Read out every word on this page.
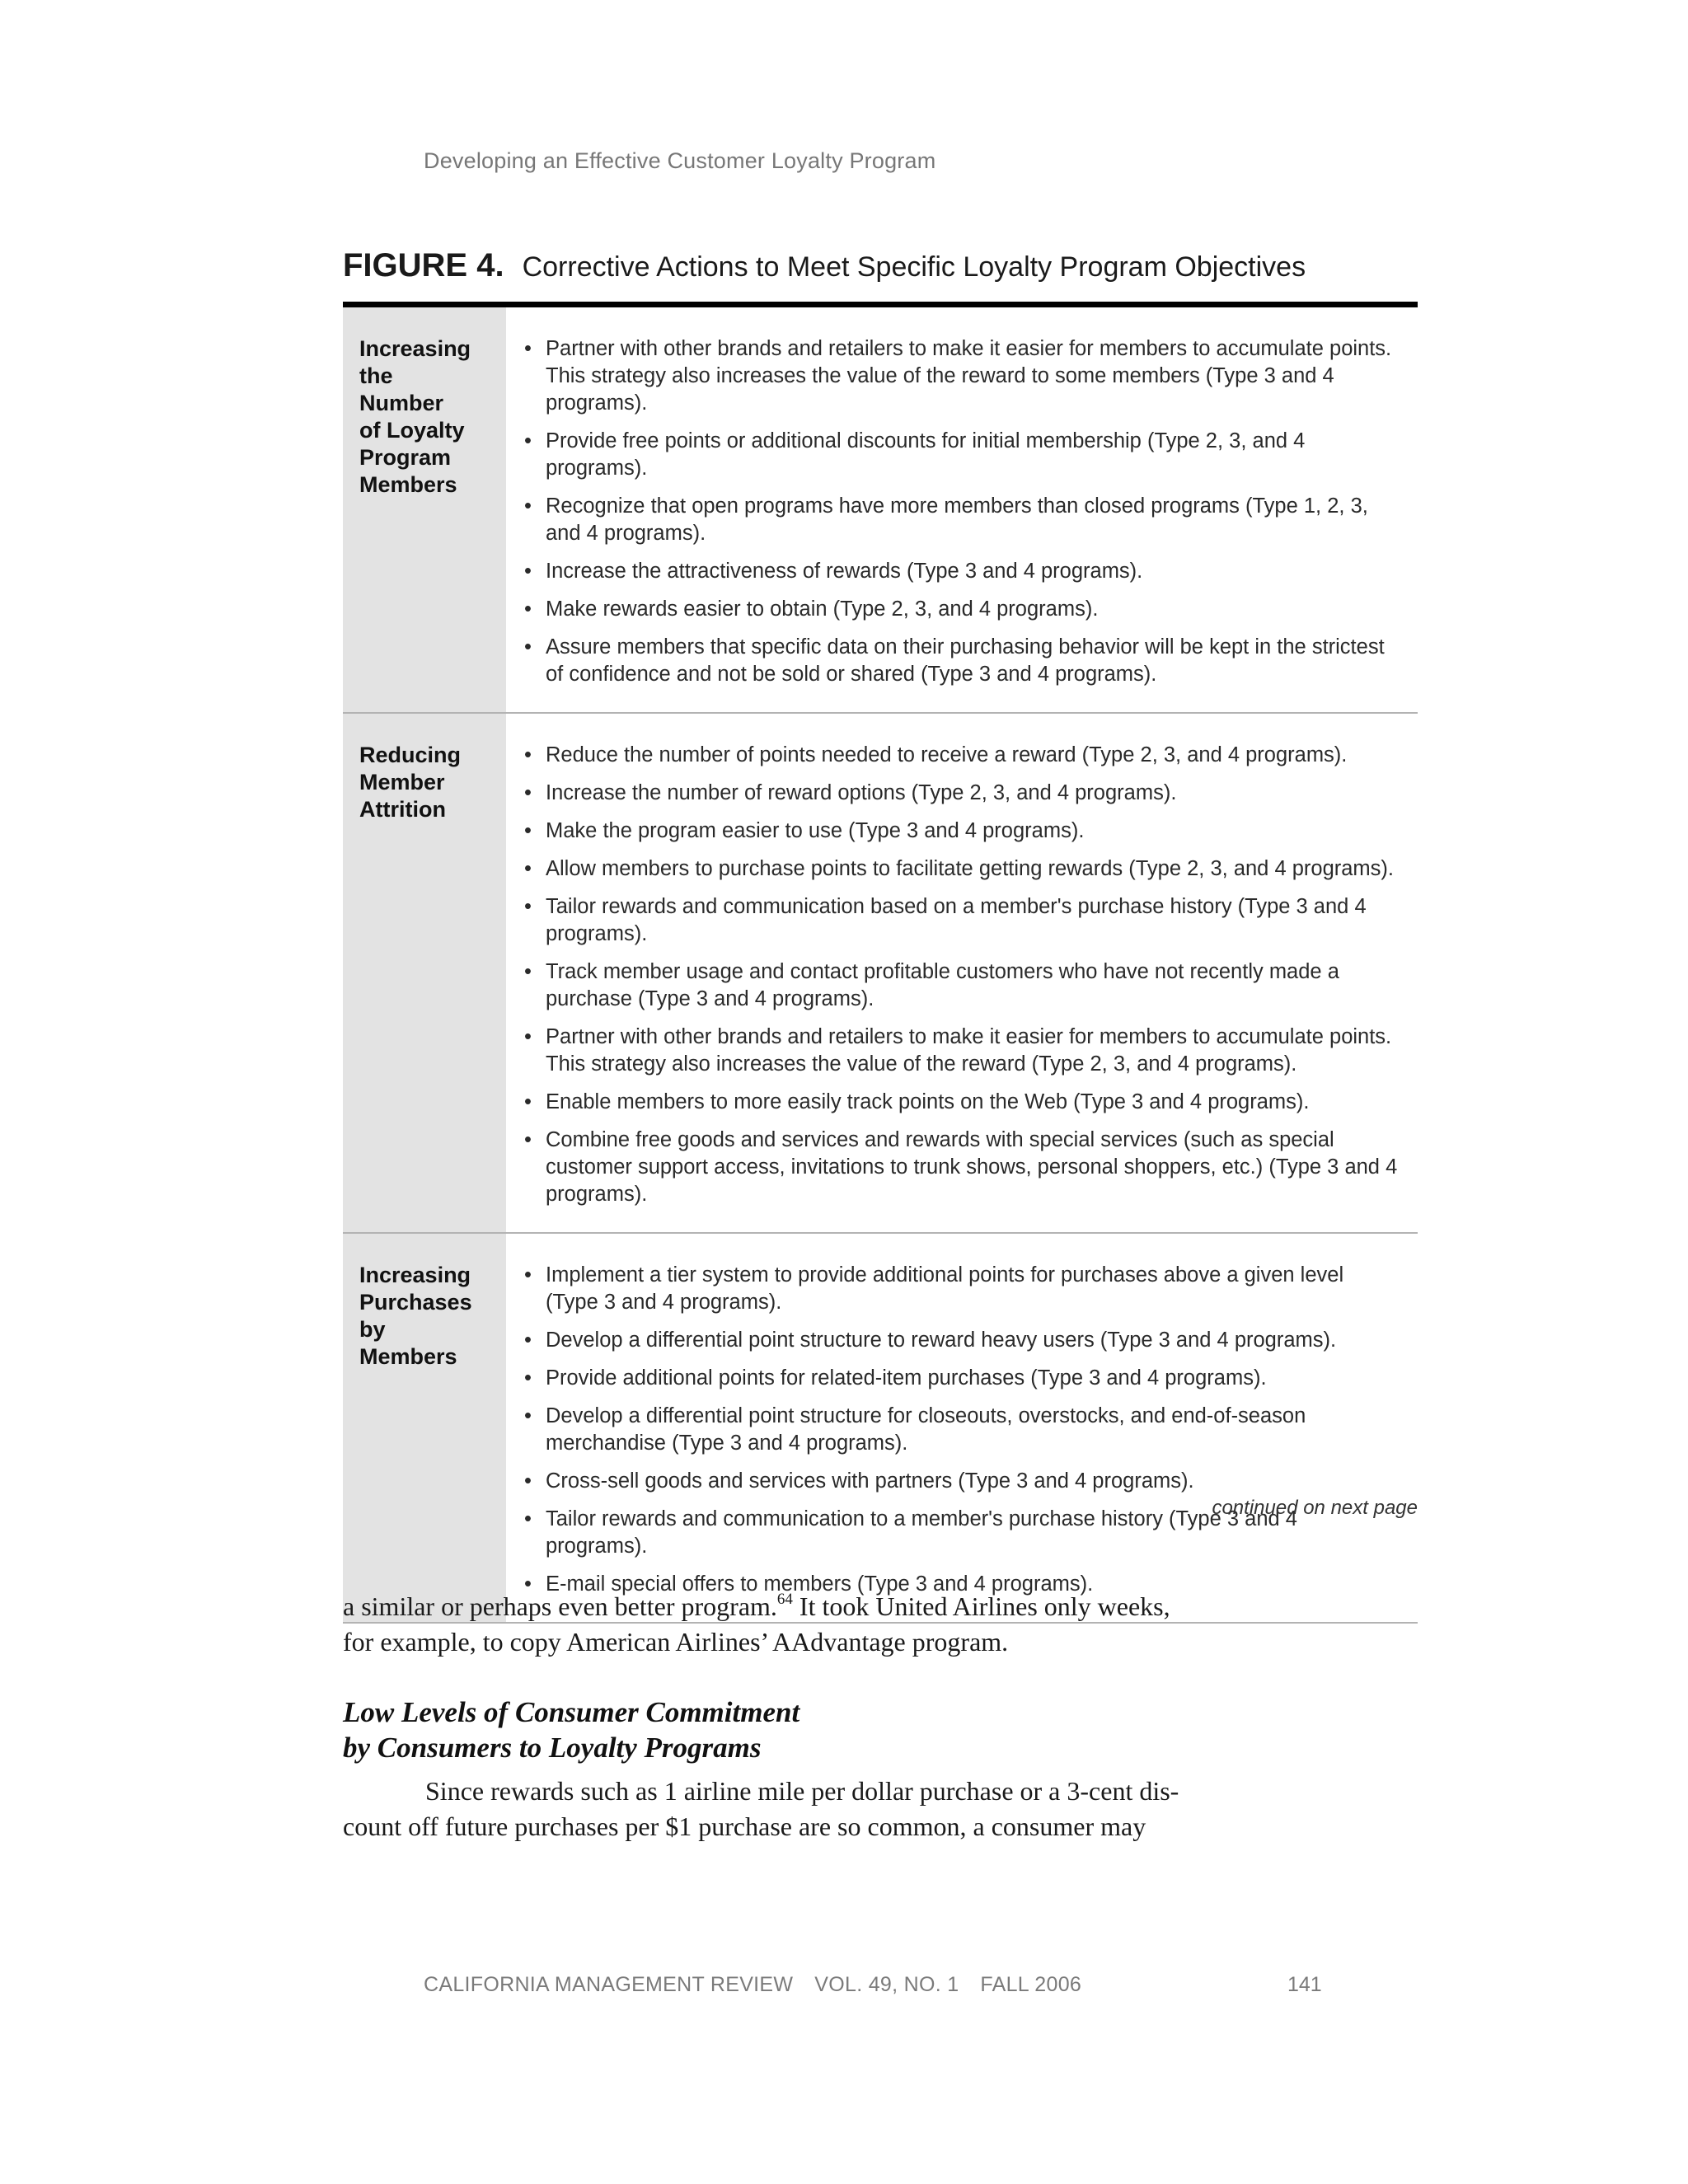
Developing an Effective Customer Loyalty Program
FIGURE 4. Corrective Actions to Meet Specific Loyalty Program Objectives
Increasing
the
Number
of Loyalty
Program
Members
• Partner with other brands and retailers to make it easier for members to accumulate points. This strategy also increases the value of the reward to some members (Type 3 and 4 programs).
• Provide free points or additional discounts for initial membership (Type 2, 3, and 4 programs).
• Recognize that open programs have more members than closed programs (Type 1, 2, 3, and 4 programs).
• Increase the attractiveness of rewards (Type 3 and 4 programs).
• Make rewards easier to obtain (Type 2, 3, and 4 programs).
• Assure members that specific data on their purchasing behavior will be kept in the strictest of confidence and not be sold or shared (Type 3 and 4 programs).
Reducing
Member
Attrition
• Reduce the number of points needed to receive a reward (Type 2, 3, and 4 programs).
• Increase the number of reward options (Type 2, 3, and 4 programs).
• Make the program easier to use (Type 3 and 4 programs).
• Allow members to purchase points to facilitate getting rewards (Type 2, 3, and 4 programs).
• Tailor rewards and communication based on a member's purchase history (Type 3 and 4 programs).
• Track member usage and contact profitable customers who have not recently made a purchase (Type 3 and 4 programs).
• Partner with other brands and retailers to make it easier for members to accumulate points. This strategy also increases the value of the reward (Type 2, 3, and 4 programs).
• Enable members to more easily track points on the Web (Type 3 and 4 programs).
• Combine free goods and services and rewards with special services (such as special customer support access, invitations to trunk shows, personal shoppers, etc.) (Type 3 and 4 programs).
Increasing
Purchases
by
Members
• Implement a tier system to provide additional points for purchases above a given level (Type 3 and 4 programs).
• Develop a differential point structure to reward heavy users (Type 3 and 4 programs).
• Provide additional points for related-item purchases (Type 3 and 4 programs).
• Develop a differential point structure for closeouts, overstocks, and end-of-season merchandise (Type 3 and 4 programs).
• Cross-sell goods and services with partners (Type 3 and 4 programs).
• Tailor rewards and communication to a member's purchase history (Type 3 and 4 programs).
• E-mail special offers to members (Type 3 and 4 programs).
continued on next page
a similar or perhaps even better program.$^{64}$ It took United Airlines only weeks,
for example, to copy American Airlines’ AAdvantage program.
Low Levels of Consumer Commitment
by Consumers to Loyalty Programs
Since rewards such as 1 airline mile per dollar purchase or a 3-cent dis-
count off future purchases per $1 purchase are so common, a consumer may
CALIFORNIA MANAGEMENT REVIEW VOL. 49, NO. 1 FALL 2006	141
